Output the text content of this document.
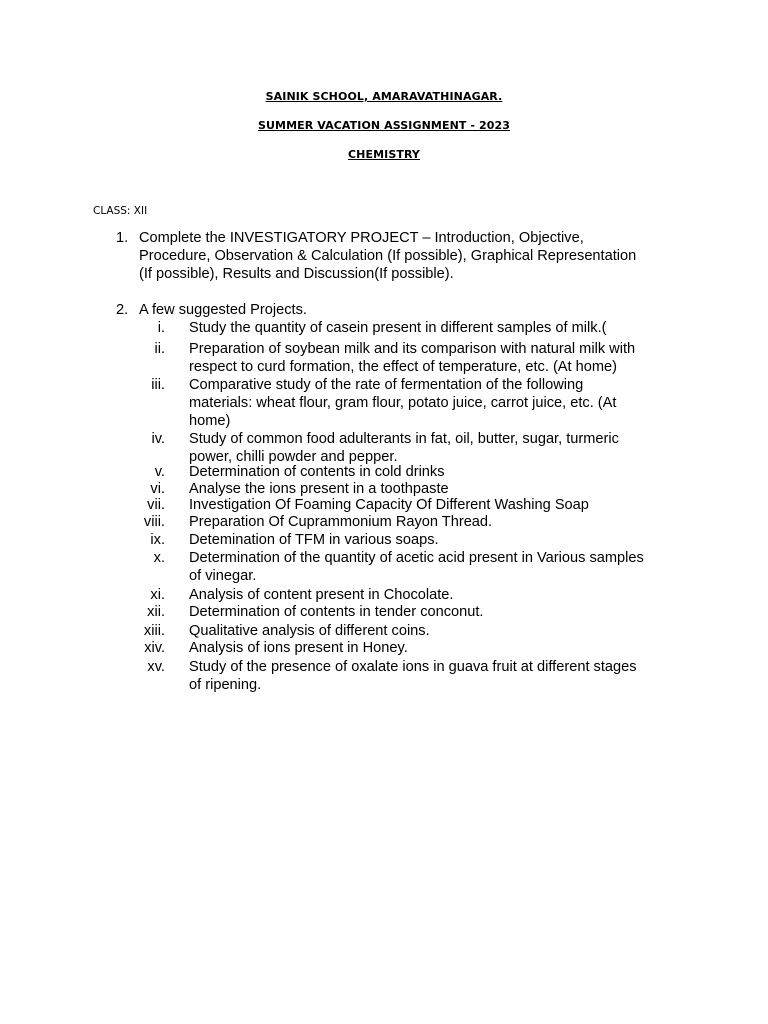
SAINIK SCHOOL, AMARAVATHINAGAR.
SUMMER VACATION ASSIGNMENT - 2023
CHEMISTRY
CLASS: XII
1. Complete the INVESTIGATORY PROJECT – Introduction, Objective,
Procedure, Observation & Calculation (If possible), Graphical Representation
(If possible), Results and Discussion(If possible).
2. A few suggested Projects.
i. Study the quantity of casein present in different samples of milk.(
ii. Preparation of soybean milk and its comparison with natural milk with
respect to curd formation, the effect of temperature, etc. (At home)
iii. Comparative study of the rate of fermentation of the following
materials: wheat flour, gram flour, potato juice, carrot juice, etc. (At
home)
iv. Study of common food adulterants in fat, oil, butter, sugar, turmeric
power, chilli powder and pepper.
v. Determination of contents in cold drinks
vi. Analyse the ions present in a toothpaste
vii. Investigation Of Foaming Capacity Of Different Washing Soap
viii. Preparation Of Cuprammonium Rayon Thread.
ix. Detemination of TFM in various soaps.
x. Determination of the quantity of acetic acid present in Various samples
of vinegar.
xi. Analysis of content present in Chocolate.
xii. Determination of contents in tender conconut.
xiii. Qualitative analysis of different coins.
xiv. Analysis of ions present in Honey.
xv. Study of the presence of oxalate ions in guava fruit at different stages
of ripening.
